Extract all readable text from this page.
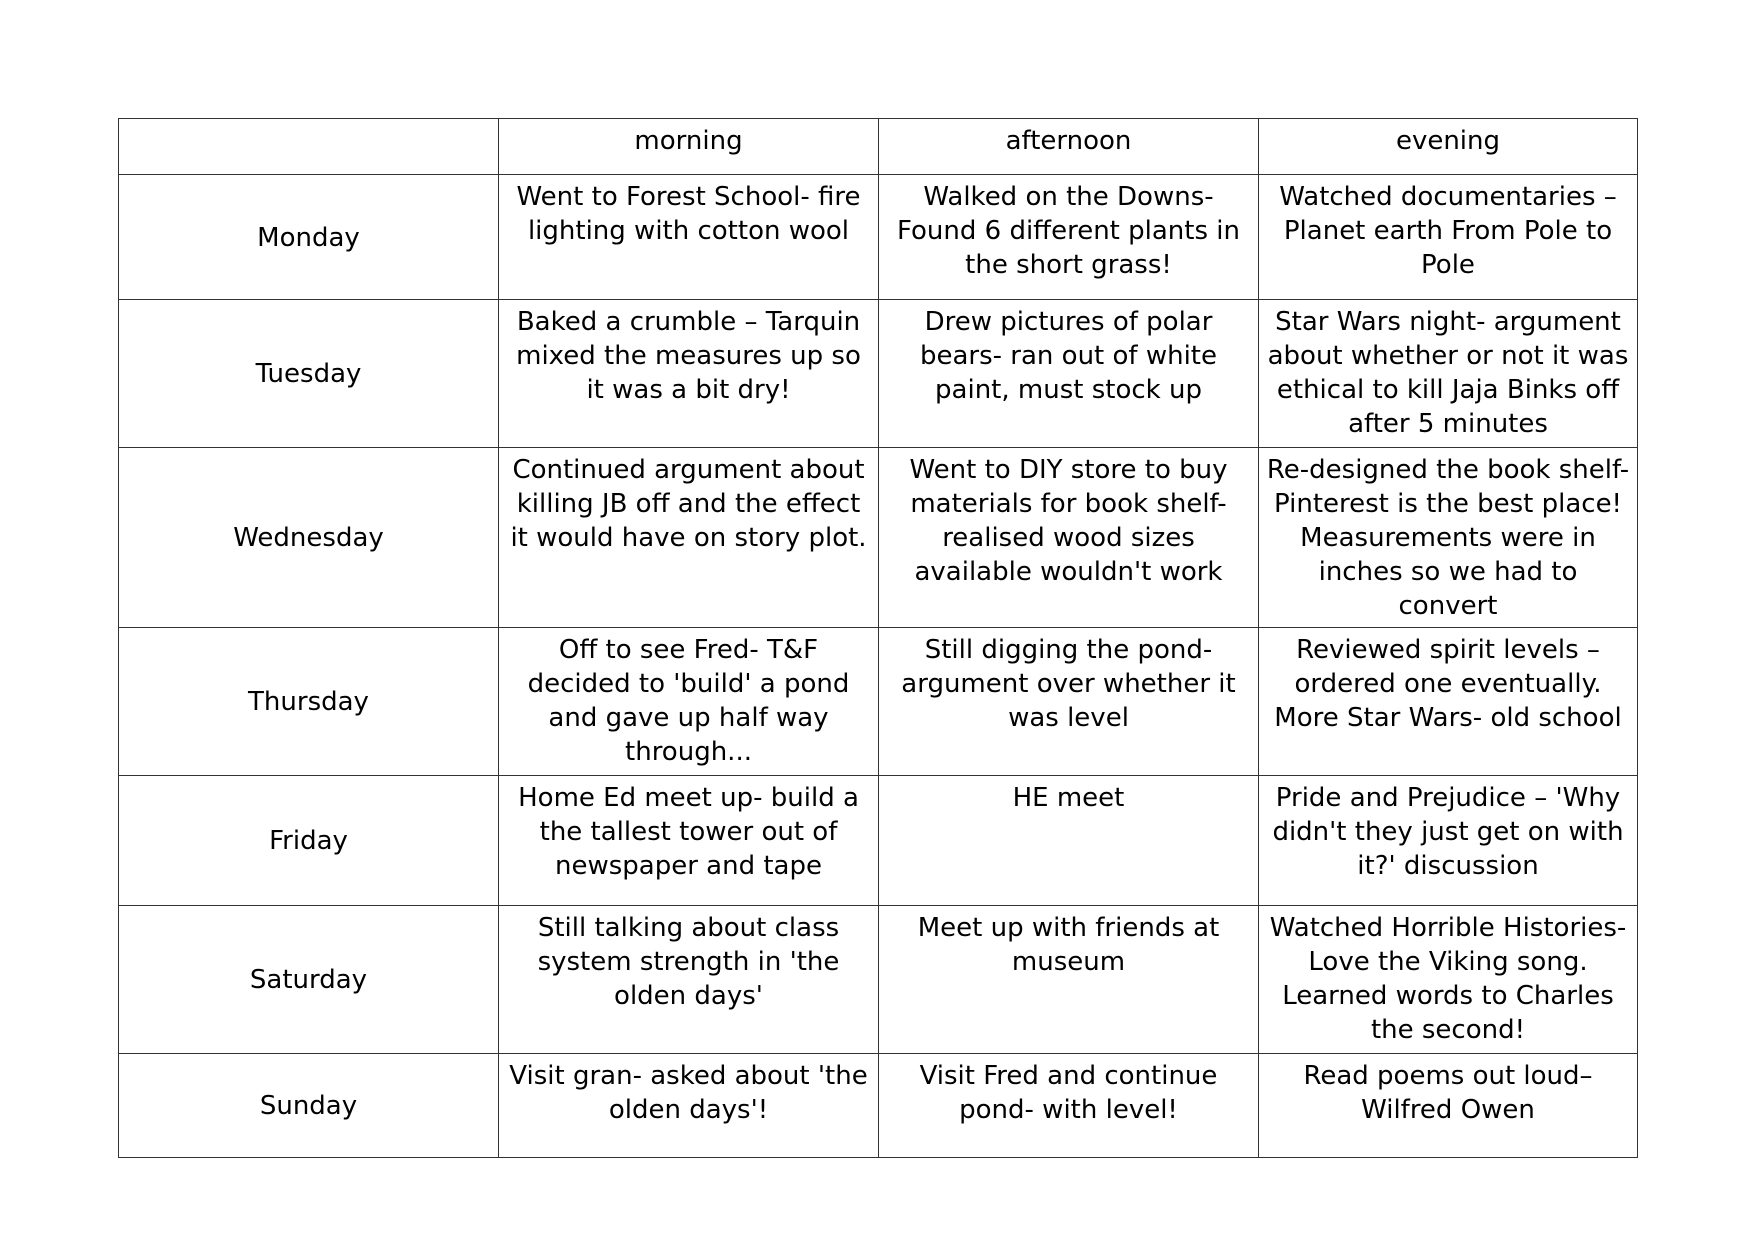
	morning	afternoon	evening
Monday	Went to Forest School- fire lighting with cotton wool	Walked on the Downs- Found 6 different plants in the short grass!	Watched documentaries – Planet earth From Pole to Pole
Tuesday	Baked a crumble – Tarquin mixed the measures up so it was a bit dry!	Drew pictures of polar bears- ran out of white paint, must stock up	Star Wars night- argument about whether or not it was ethical to kill Jaja Binks off after 5 minutes
Wednesday	Continued argument about killing JB off and the effect it would have on story plot.	Went to DIY store to buy materials for book shelf- realised wood sizes available wouldn't work	Re-designed the book shelf- Pinterest is the best place! Measurements were in inches so we had to convert
Thursday	Off to see Fred- T&F decided to 'build' a pond and gave up half way through...	Still digging the pond- argument over whether it was level	Reviewed spirit levels – ordered one eventually. More Star Wars- old school
Friday	Home Ed meet up- build a the tallest tower out of newspaper and tape	HE meet	Pride and Prejudice – 'Why didn't they just get on with it?' discussion
Saturday	Still talking about class system strength in 'the olden days'	Meet up with friends at museum	Watched Horrible Histories- Love the Viking song. Learned words to Charles the second!
Sunday	Visit gran- asked about 'the olden days'!	Visit Fred and continue pond- with level!	Read poems out loud– Wilfred Owen
